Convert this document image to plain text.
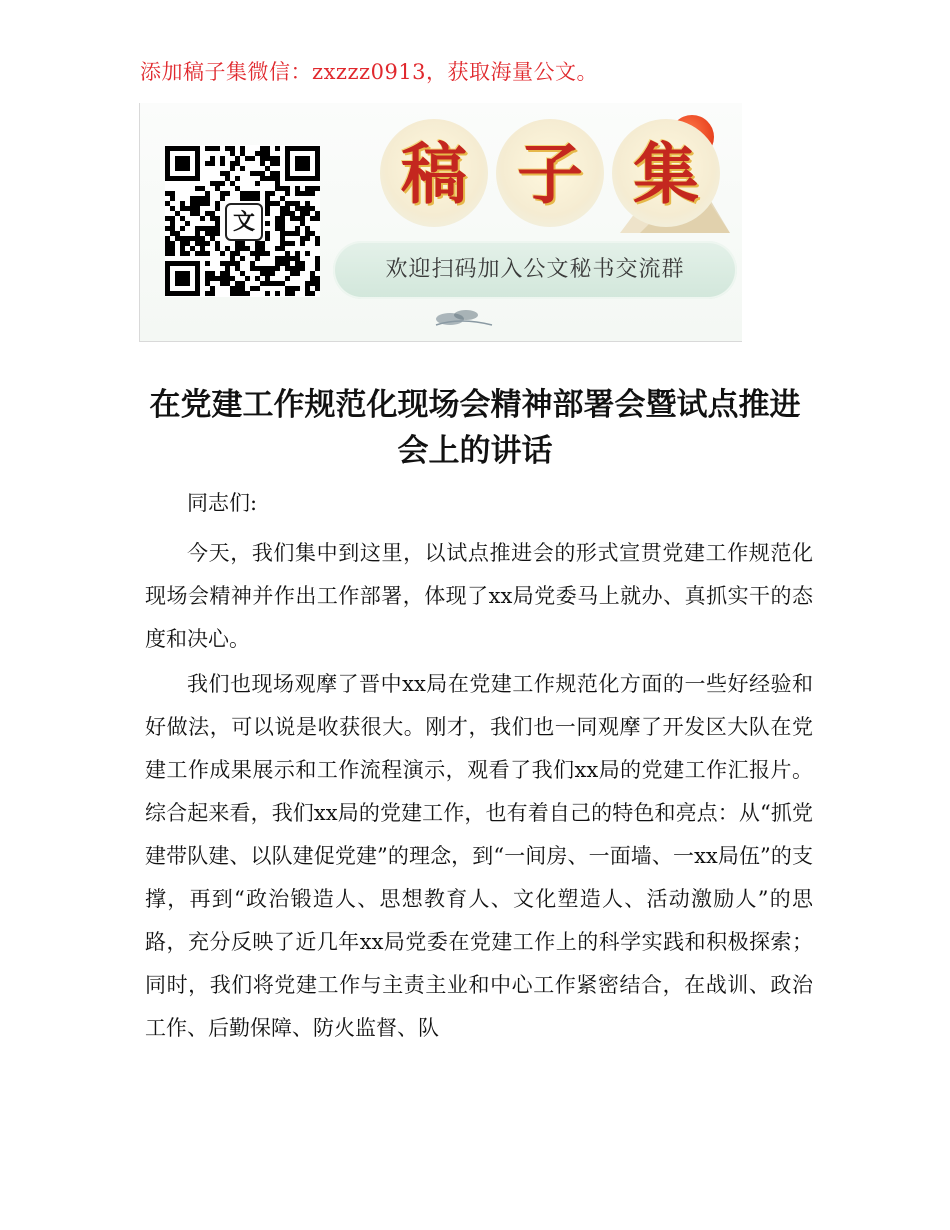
添加稿子集微信：zxzzz0913，获取海量公文。
文
稿 子 集
欢迎扫码加入公文秘书交流群
在党建工作规范化现场会精神部署会暨试点推进会上的讲话

同志们:

今天，我们集中到这里，以试点推进会的形式宣贯党建工作规范化现场会精神并作出工作部署，体现了xx局党委马上就办、真抓实干的态度和决心。

我们也现场观摩了晋中xx局在党建工作规范化方面的一些好经验和好做法，可以说是收获很大。刚才，我们也一同观摩了开发区大队在党建工作成果展示和工作流程演示，观看了我们xx局的党建工作汇报片。综合起来看，我们xx局的党建工作，也有着自己的特色和亮点：从“抓党建带队建、以队建促党建”的理念，到“一间房、一面墙、一xx局伍”的支撑，再到“政治锻造人、思想教育人、文化塑造人、活动激励人”的思路，充分反映了近几年xx局党委在党建工作上的科学实践和积极探索；同时，我们将党建工作与主责主业和中心工作紧密结合，在战训、政治工作、后勤保障、防火监督、队
